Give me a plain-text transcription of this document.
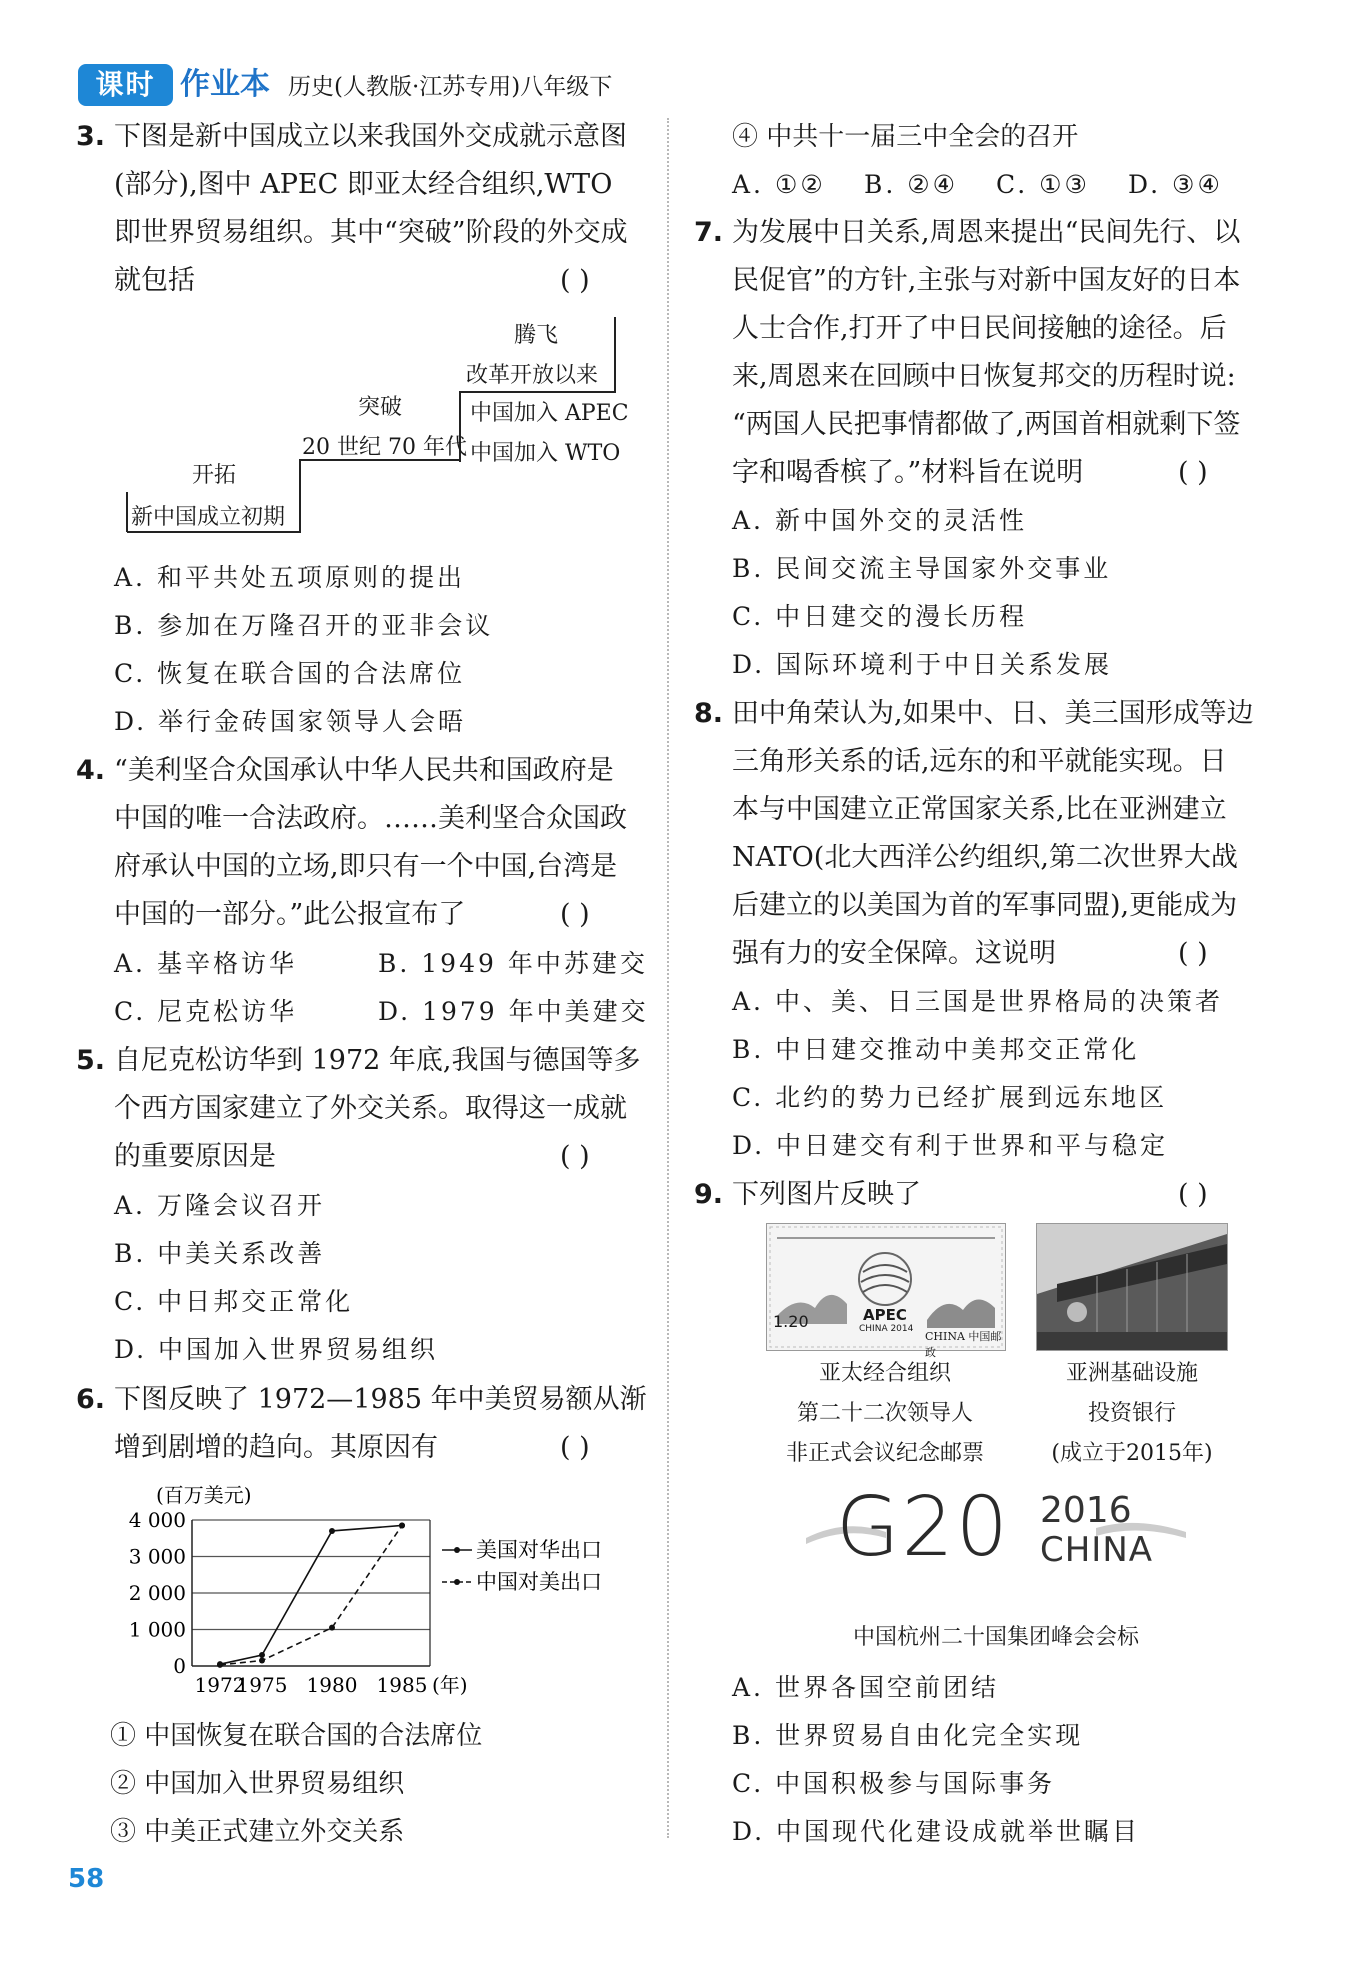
课时 作业本 历史(人教版·江苏专用)八年级下
3. 下图是新中国成立以来我国外交成就示意图
(部分),图中 APEC 即亚太经合组织,WTO
即世界贸易组织。其中“突破”阶段的外交成
就包括	( )
开拓
新中国成立初期
突破
20 世纪 70 年代
腾飞
改革开放以来
中国加入 APEC
中国加入 WTO
A. 和平共处五项原则的提出
B. 参加在万隆召开的亚非会议
C. 恢复在联合国的合法席位
D. 举行金砖国家领导人会晤
4. “美利坚合众国承认中华人民共和国政府是
中国的唯一合法政府。……美利坚合众国政
府承认中国的立场,即只有一个中国,台湾是
中国的一部分。”此公报宣布了	( )
A. 基辛格访华	B. 1949 年中苏建交
C. 尼克松访华	D. 1979 年中美建交
5. 自尼克松访华到 1972 年底,我国与德国等多
个西方国家建立了外交关系。取得这一成就
的重要原因是	( )
A. 万隆会议召开
B. 中美关系改善
C. 中日邦交正常化
D. 中国加入世界贸易组织
6. 下图反映了 1972—1985 年中美贸易额从渐
增到剧增的趋向。其原因有	( )
0
1 000
2 000
3 000
4 000
1972
1975 1980 1985 (年)
(百万美元)
美国对华出口
中国对美出口
① 中国恢复在联合国的合法席位
② 中国加入世界贸易组织
③ 中美正式建立外交关系
④ 中共十一届三中全会的召开
A. ①② B. ②④ C. ①③ D. ③④
7. 为发展中日关系,周恩来提出“民间先行、以
民促官”的方针,主张与对新中国友好的日本
人士合作,打开了中日民间接触的途径。后
来,周恩来在回顾中日恢复邦交的历程时说:
“两国人民把事情都做了,两国首相就剩下签
字和喝香槟了。”材料旨在说明	( )
A. 新中国外交的灵活性
B. 民间交流主导国家外交事业
C. 中日建交的漫长历程
D. 国际环境利于中日关系发展
8. 田中角荣认为,如果中、日、美三国形成等边
三角形关系的话,远东的和平就能实现。日
本与中国建立正常国家关系,比在亚洲建立
NATO(北大西洋公约组织,第二次世界大战
后建立的以美国为首的军事同盟),更能成为
强有力的安全保障。这说明	( )
A. 中、美、日三国是世界格局的决策者
B. 中日建交推动中美邦交正常化
C. 北约的势力已经扩展到远东地区
D. 中日建交有利于世界和平与稳定
9. 下列图片反映了	( )
1.20	APEC
CHINA 2014
CHINA 中国邮政
亚太经合组织
第二十二次领导人
非正式会议纪念邮票
亚洲基础设施
投资银行
(成立于2015年)
G20 2016
CHINA
中国杭州二十国集团峰会会标
A. 世界各国空前团结
B. 世界贸易自由化完全实现
C. 中国积极参与国际事务
D. 中国现代化建设成就举世瞩目
58
